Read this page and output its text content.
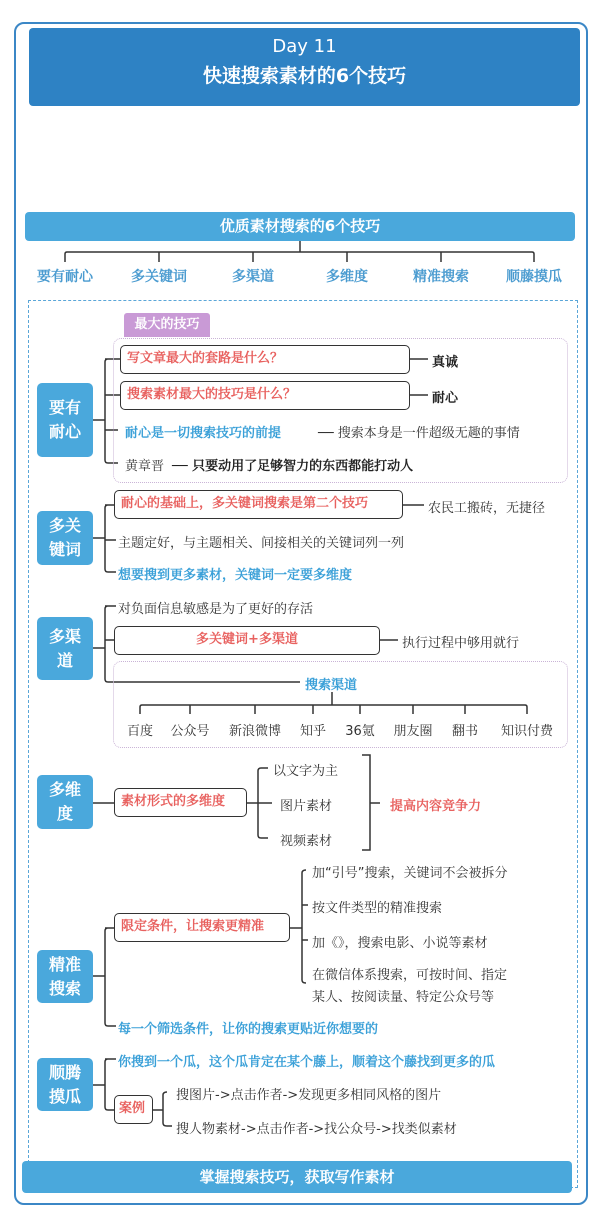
Day 11
快速搜索素材的6个技巧
优质素材搜索的6个技巧
要有耐心	多关键词	多渠道	多维度	精准搜索	顺藤摸瓜
最大的技巧
要有耐心
写文章最大的套路是什么？	真诚
搜索素材最大的技巧是什么？	耐心
耐心是一切搜索技巧的前提	── 搜索本身是一件超级无趣的事情
黄章晋 ── 只要动用了足够智力的东西都能打动人
多关键词
耐心的基础上，多关键词搜索是第二个技巧	农民工搬砖，无捷径
主题定好，与主题相关、间接相关的关键词列一列
想要搜到更多素材，关键词一定要多维度
多渠道
对负面信息敏感是为了更好的存活
多关键词+多渠道	执行过程中够用就行
搜索渠道
百度 公众号 新浪微博 知乎 36氪 朋友圈 翻书 知识付费
多维度
素材形式的多维度
以文字为主
图片素材
视频素材
提高内容竞争力
精准搜索
限定条件，让搜索更精准
加“引号”搜索，关键词不会被拆分
按文件类型的精准搜索
加《》，搜索电影、小说等素材
在微信体系搜索，可按时间、指定
某人、按阅读量、特定公众号等
每一个筛选条件，让你的搜索更贴近你想要的
顺腾摸瓜
你搜到一个瓜，这个瓜肯定在某个藤上，顺着这个藤找到更多的瓜
案例
搜图片->点击作者->发现更多相同风格的图片
搜人物素材->点击作者->找公众号->找类似素材
掌握搜索技巧，获取写作素材
